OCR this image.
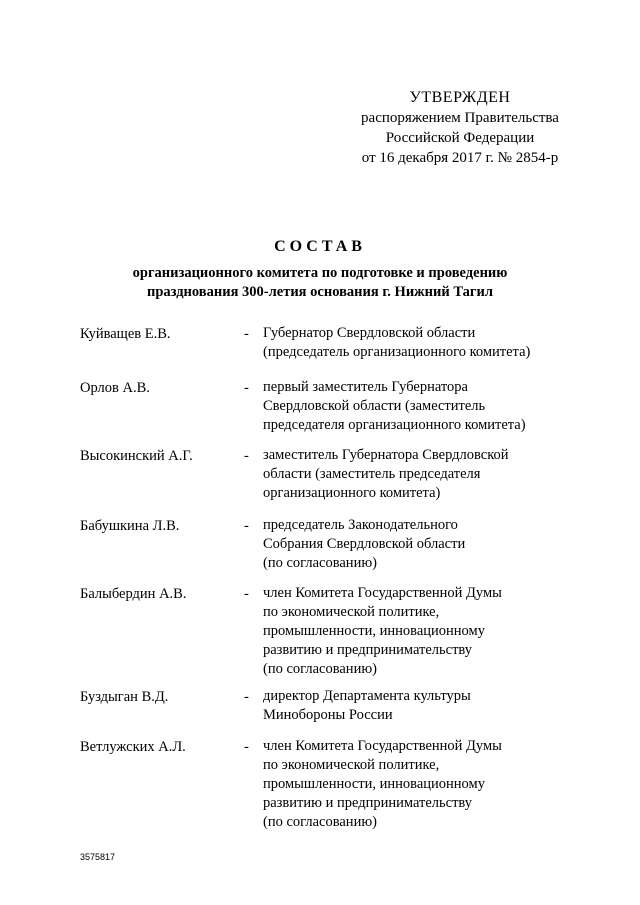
УТВЕРЖДЕН
распоряжением Правительства
Российской Федерации
от 16 декабря 2017 г. № 2854-р
СОСТАВ
организационного комитета по подготовке и проведению
празднования 300-летия основания г. Нижний Тагил
Куйващев Е.В.	- Губернатор Свердловской области
(председатель организационного комитета)
Орлов А.В.	- первый заместитель Губернатора
Свердловской области (заместитель
председателя организационного комитета)
Высокинский А.Г.	- заместитель Губернатора Свердловской
области (заместитель председателя
организационного комитета)
Бабушкина Л.В.	- председатель Законодательного
Собрания Свердловской области
(по согласованию)
Балыбердин А.В.	- член Комитета Государственной Думы
по экономической политике,
промышленности, инновационному
развитию и предпринимательству
(по согласованию)
Буздыган В.Д.	- директор Департамента культуры
Минобороны России
Ветлужских А.Л.	- член Комитета Государственной Думы
по экономической политике,
промышленности, инновационному
развитию и предпринимательству
(по согласованию)
3575817
